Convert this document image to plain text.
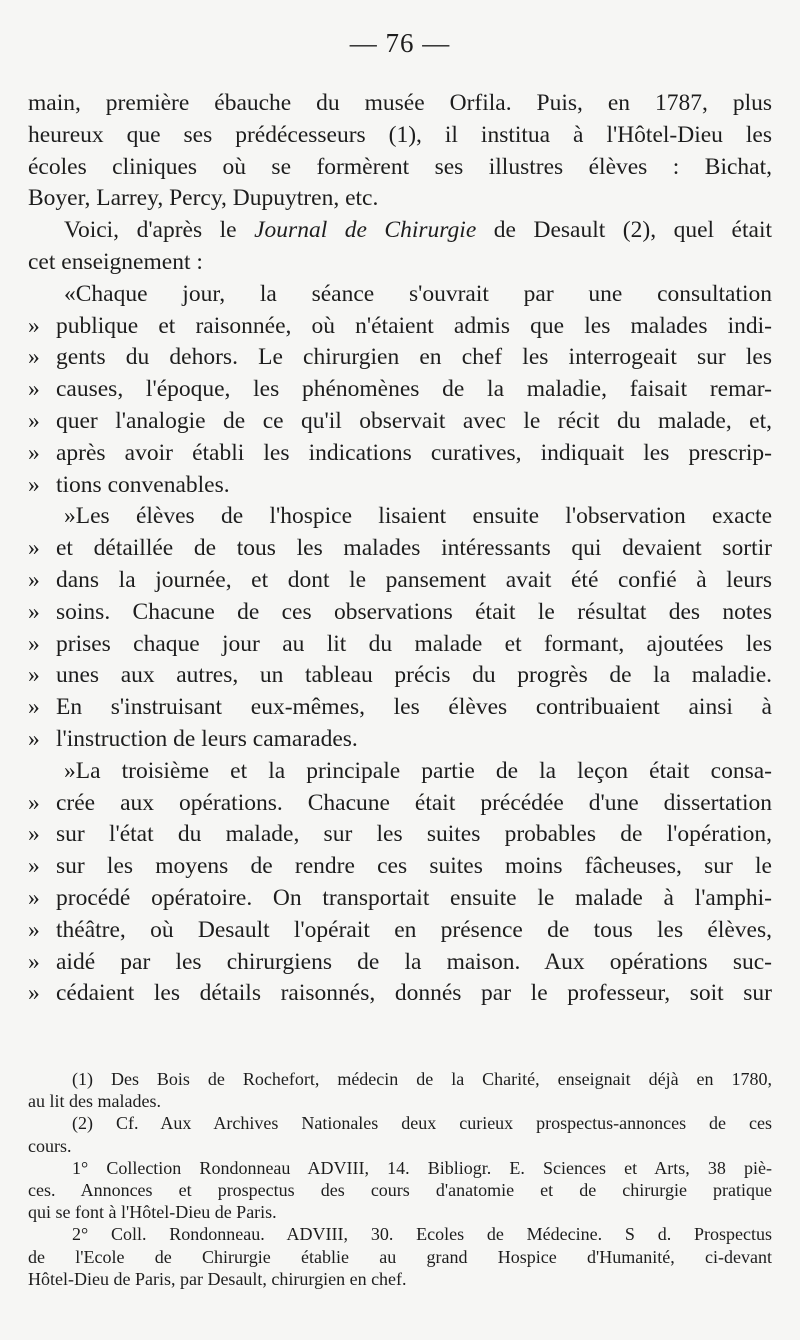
— 76 —
main, première ébauche du musée Orfila. Puis, en 1787, plus
heureux que ses prédécesseurs (1), il institua à l'Hôtel-Dieu les
écoles cliniques où se formèrent ses illustres élèves : Bichat,
Boyer, Larrey, Percy, Dupuytren, etc.
Voici, d'après le Journal de Chirurgie de Desault (2), quel était
cet enseignement :
«Chaque jour, la séance s'ouvrait par une consultation
» publique et raisonnée, où n'étaient admis que les malades indi-
» gents du dehors. Le chirurgien en chef les interrogeait sur les
» causes, l'époque, les phénomènes de la maladie, faisait remar-
» quer l'analogie de ce qu'il observait avec le récit du malade, et,
» après avoir établi les indications curatives, indiquait les prescrip-
» tions convenables.
»Les élèves de l'hospice lisaient ensuite l'observation exacte
» et détaillée de tous les malades intéressants qui devaient sortir
» dans la journée, et dont le pansement avait été confié à leurs
» soins. Chacune de ces observations était le résultat des notes
» prises chaque jour au lit du malade et formant, ajoutées les
» unes aux autres, un tableau précis du progrès de la maladie.
» En s'instruisant eux-mêmes, les élèves contribuaient ainsi à
» l'instruction de leurs camarades.
»La troisième et la principale partie de la leçon était consa-
» crée aux opérations. Chacune était précédée d'une dissertation
» sur l'état du malade, sur les suites probables de l'opération,
» sur les moyens de rendre ces suites moins fâcheuses, sur le
» procédé opératoire. On transportait ensuite le malade à l'amphi-
» théâtre, où Desault l'opérait en présence de tous les élèves,
» aidé par les chirurgiens de la maison. Aux opérations suc-
» cédaient les détails raisonnés, donnés par le professeur, soit sur
(1) Des Bois de Rochefort, médecin de la Charité, enseignait déjà en 1780,
au lit des malades.
(2) Cf. Aux Archives Nationales deux curieux prospectus-annonces de ces
cours.
1° Collection Rondonneau ADVIII, 14. Bibliogr. E. Sciences et Arts, 38 piè-
ces. Annonces et prospectus des cours d'anatomie et de chirurgie pratique
qui se font à l'Hôtel-Dieu de Paris.
2° Coll. Rondonneau. ADVIII, 30. Ecoles de Médecine. S d. Prospectus
de l'Ecole de Chirurgie établie au grand Hospice d'Humanité, ci-devant
Hôtel-Dieu de Paris, par Desault, chirurgien en chef.
